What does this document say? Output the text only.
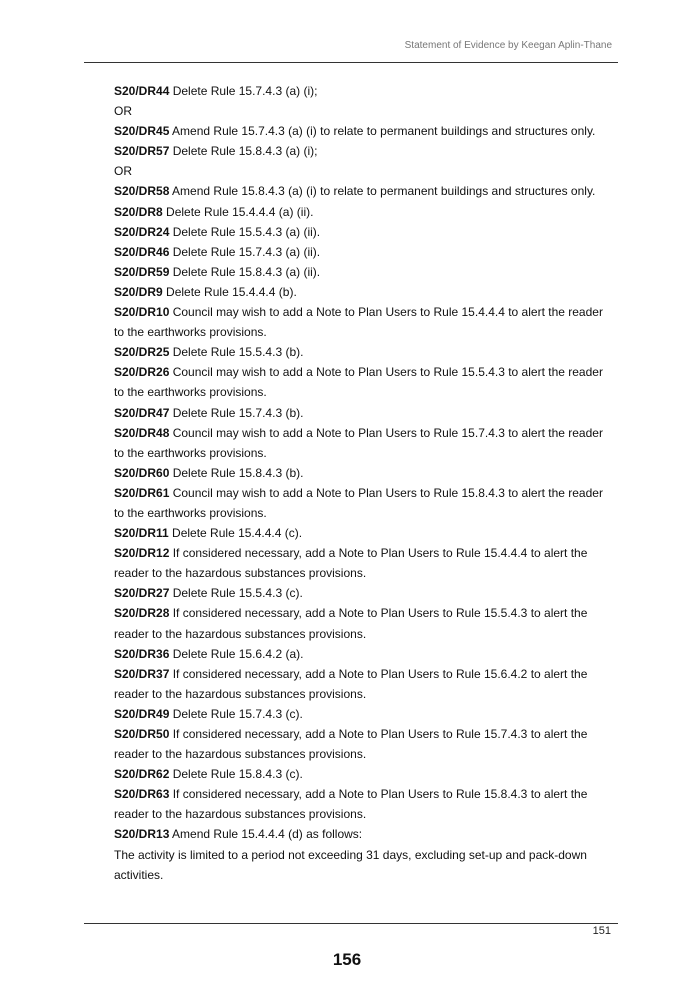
Statement of Evidence by Keegan Aplin-Thane

S20/DR44 Delete Rule 15.7.4.3 (a) (i);

OR

S20/DR45 Amend Rule 15.7.4.3 (a) (i) to relate to permanent buildings and structures only.

S20/DR57 Delete Rule 15.8.4.3 (a) (i);

OR

S20/DR58 Amend Rule 15.8.4.3 (a) (i) to relate to permanent buildings and structures only.

S20/DR8 Delete Rule 15.4.4.4 (a) (ii).

S20/DR24 Delete Rule 15.5.4.3 (a) (ii).

S20/DR46 Delete Rule 15.7.4.3 (a) (ii).

S20/DR59 Delete Rule 15.8.4.3 (a) (ii).

S20/DR9 Delete Rule 15.4.4.4 (b).

S20/DR10 Council may wish to add a Note to Plan Users to Rule 15.4.4.4 to alert the reader to the earthworks provisions.

S20/DR25 Delete Rule 15.5.4.3 (b).

S20/DR26 Council may wish to add a Note to Plan Users to Rule 15.5.4.3 to alert the reader to the earthworks provisions.

S20/DR47 Delete Rule 15.7.4.3 (b).

S20/DR48 Council may wish to add a Note to Plan Users to Rule 15.7.4.3 to alert the reader to the earthworks provisions.

S20/DR60 Delete Rule 15.8.4.3 (b).

S20/DR61 Council may wish to add a Note to Plan Users to Rule 15.8.4.3 to alert the reader to the earthworks provisions.

S20/DR11 Delete Rule 15.4.4.4 (c).

S20/DR12 If considered necessary, add a Note to Plan Users to Rule 15.4.4.4 to alert the reader to the hazardous substances provisions.

S20/DR27 Delete Rule 15.5.4.3 (c).

S20/DR28 If considered necessary, add a Note to Plan Users to Rule 15.5.4.3 to alert the reader to the hazardous substances provisions.

S20/DR36 Delete Rule 15.6.4.2 (a).

S20/DR37 If considered necessary, add a Note to Plan Users to Rule 15.6.4.2 to alert the reader to the hazardous substances provisions.

S20/DR49 Delete Rule 15.7.4.3 (c).

S20/DR50 If considered necessary, add a Note to Plan Users to Rule 15.7.4.3 to alert the reader to the hazardous substances provisions.

S20/DR62 Delete Rule 15.8.4.3 (c).

S20/DR63 If considered necessary, add a Note to Plan Users to Rule 15.8.4.3 to alert the reader to the hazardous substances provisions.

S20/DR13 Amend Rule 15.4.4.4 (d) as follows:

The activity is limited to a period not exceeding 31 days, excluding set-up and pack-down activities.

151
156
